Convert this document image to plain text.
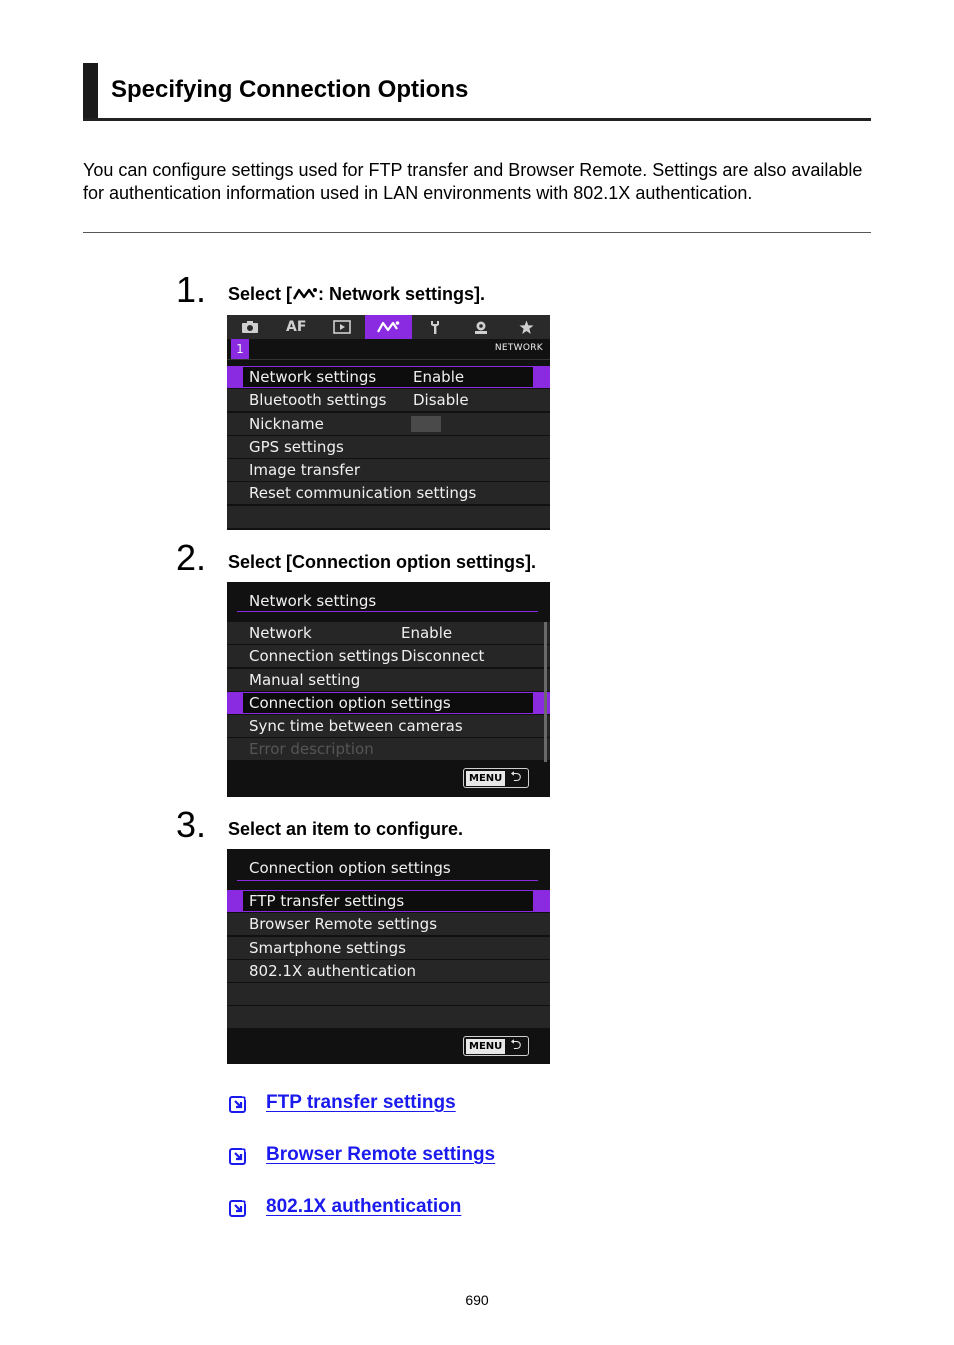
Specifying Connection Options
You can configure settings used for FTP transfer and Browser Remote. Settings are also available for authentication information used in LAN environments with 802.1X authentication.
1. Select [ : Network settings].
AF
1	NETWORK
Network settings Enable
Bluetooth settings Disable
Nickname
GPS settings
Image transfer
Reset communication settings
2. Select [Connection option settings].
Network settings
Network	Enable
Connection settings Disconnect
Manual setting
Connection option settings
Sync time between cameras
Error description
MENU ⮌
3. Select an item to configure.
Connection option settings
FTP transfer settings
Browser Remote settings
Smartphone settings
802.1X authentication
MENU ⮌
FTP transfer settings
Browser Remote settings
802.1X authentication
690
